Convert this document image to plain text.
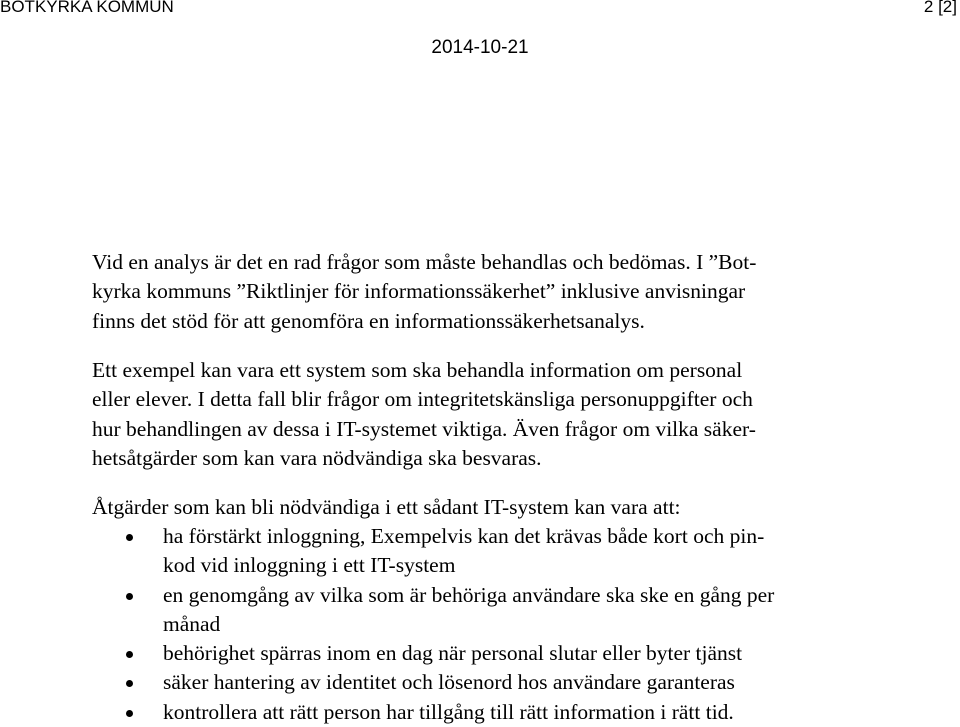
BOTKYRKA KOMMUN	2 [2]
2014-10-21
Vid en analys är det en rad frågor som måste behandlas och bedömas. I ”Bot-
kyrka kommuns ”Riktlinjer för informationssäkerhet” inklusive anvisningar
finns det stöd för att genomföra en informationssäkerhetsanalys.
Ett exempel kan vara ett system som ska behandla information om personal
eller elever. I detta fall blir frågor om integritetskänsliga personuppgifter och
hur behandlingen av dessa i IT-systemet viktiga. Även frågor om vilka säker-
hetsåtgärder som kan vara nödvändiga ska besvaras.
Åtgärder som kan bli nödvändiga i ett sådant IT-system kan vara att:
ha förstärkt inloggning, Exempelvis kan det krävas både kort och pin-
kod vid inloggning i ett IT-system
en genomgång av vilka som är behöriga användare ska ske en gång per
månad
behörighet spärras inom en dag när personal slutar eller byter tjänst
säker hantering av identitet och lösenord hos användare garanteras
kontrollera att rätt person har tillgång till rätt information i rätt tid.
